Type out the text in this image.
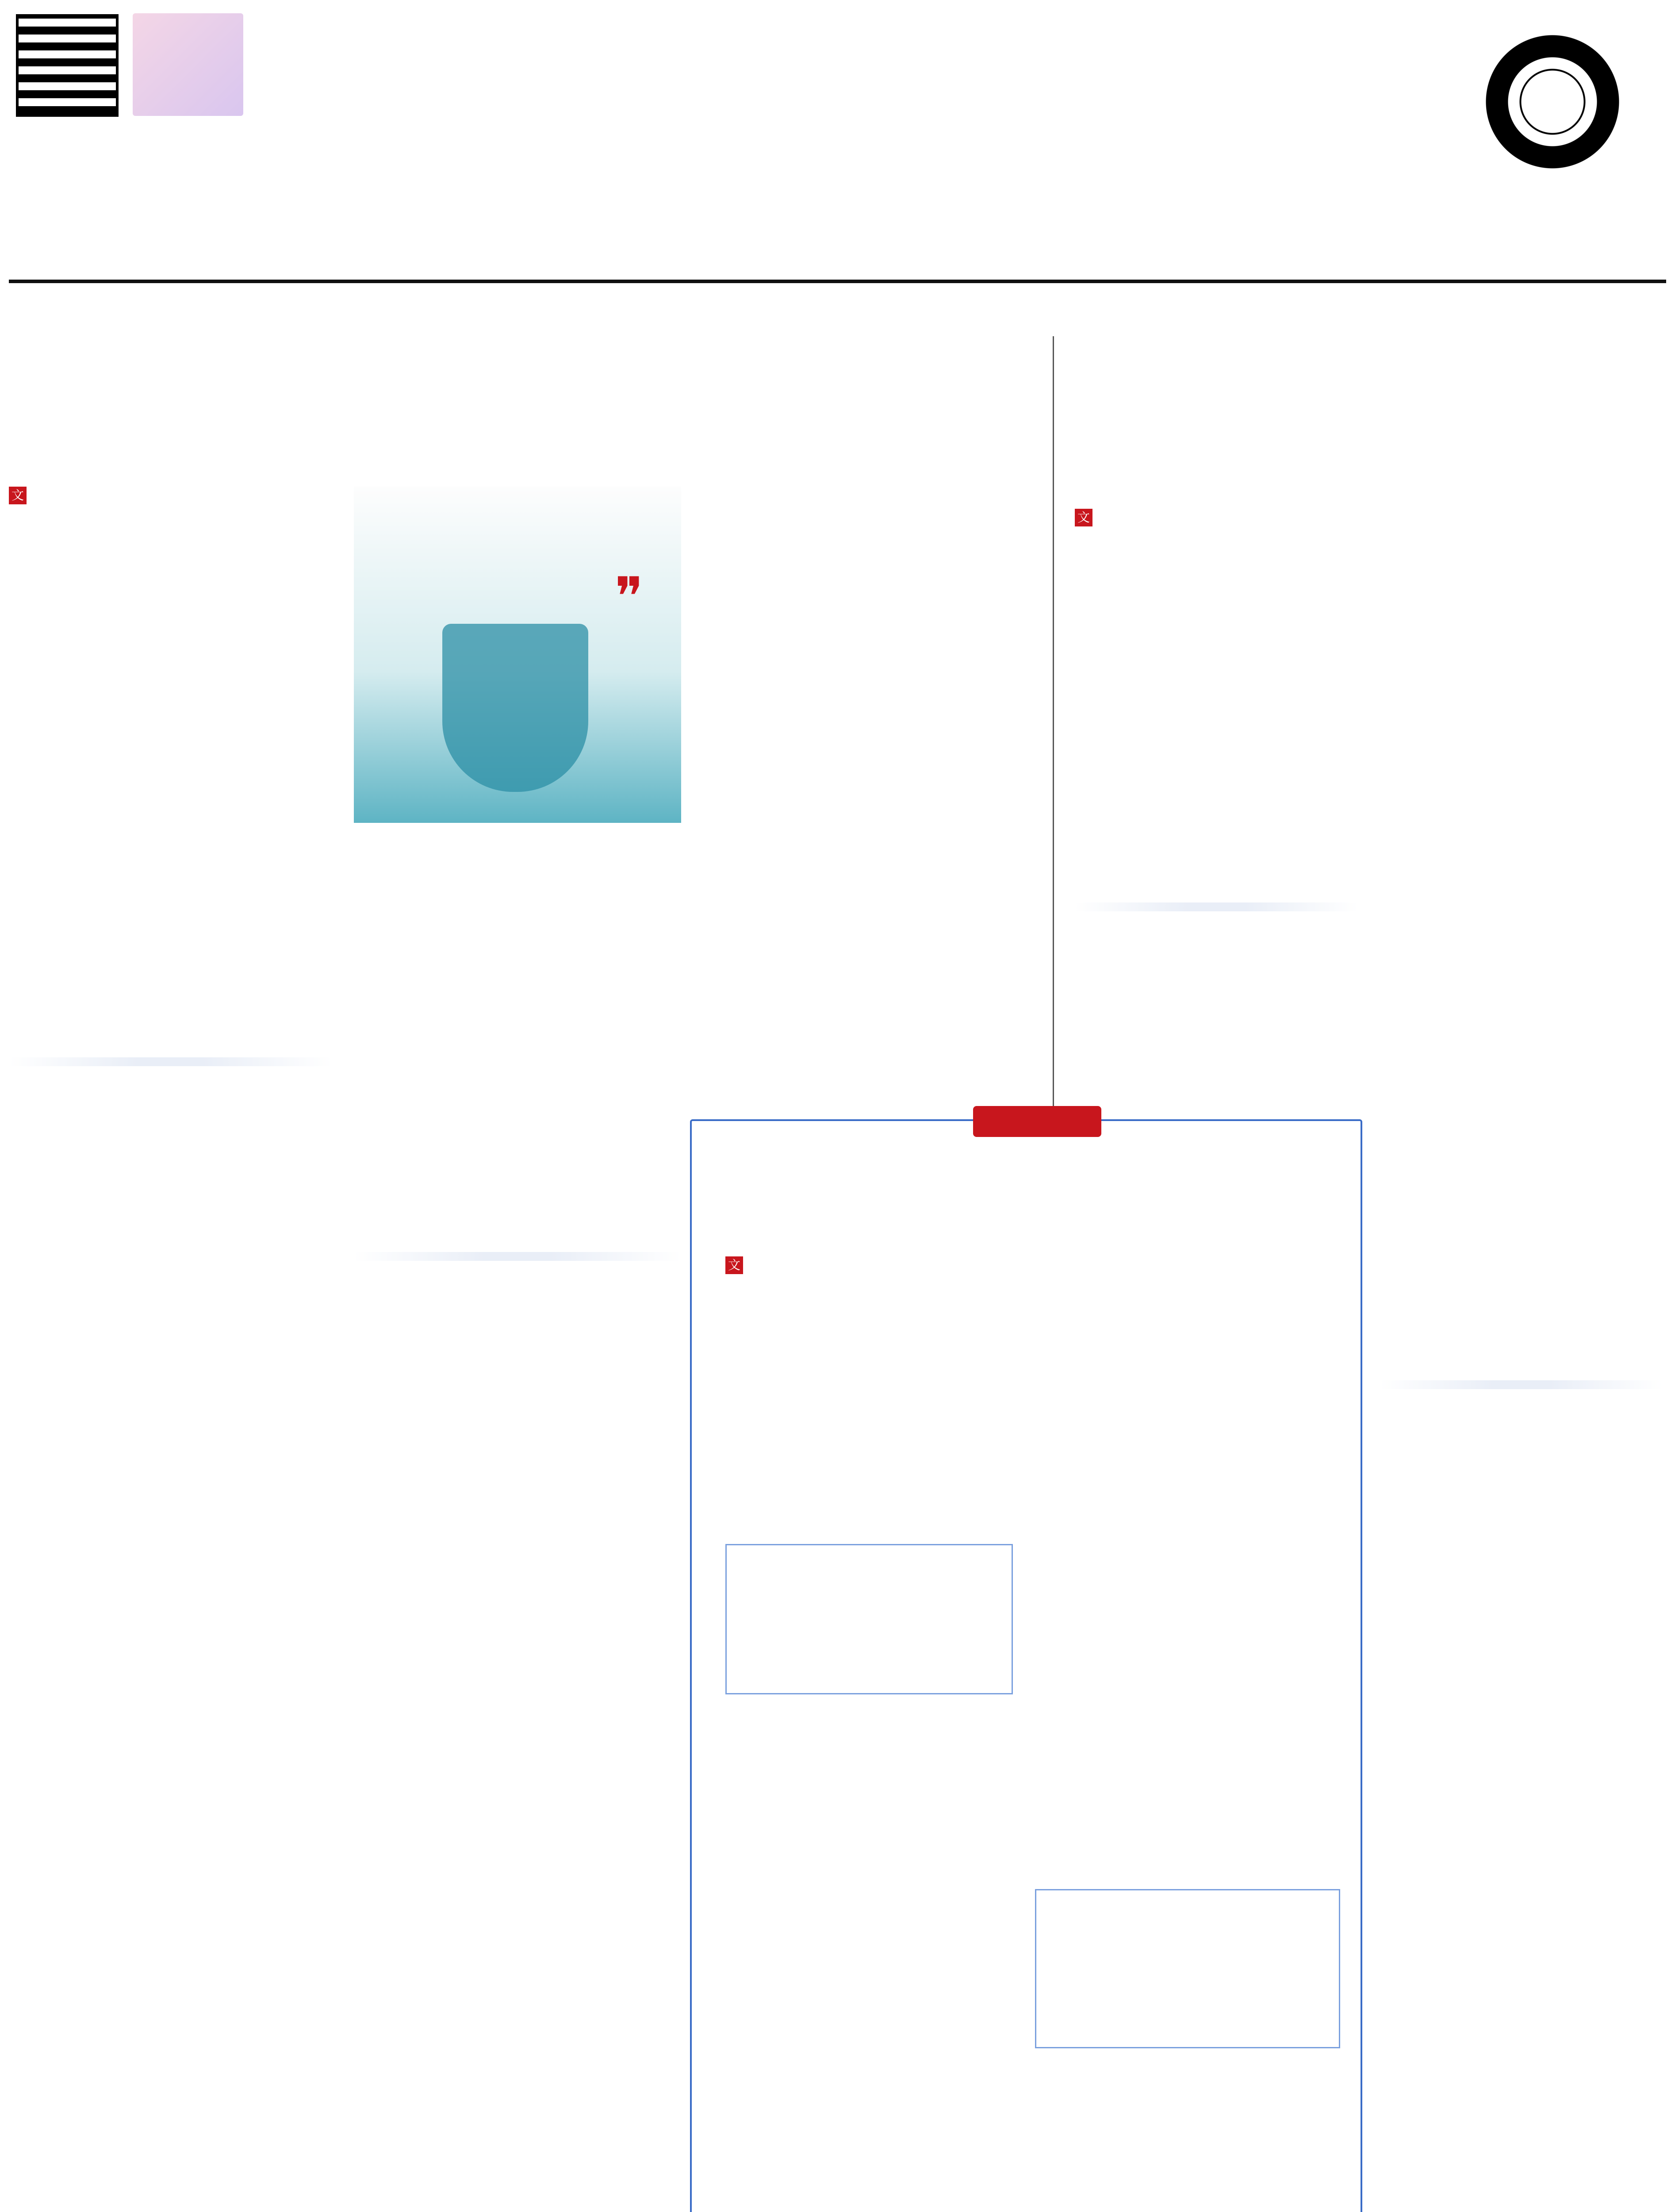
文

❞

文

文
